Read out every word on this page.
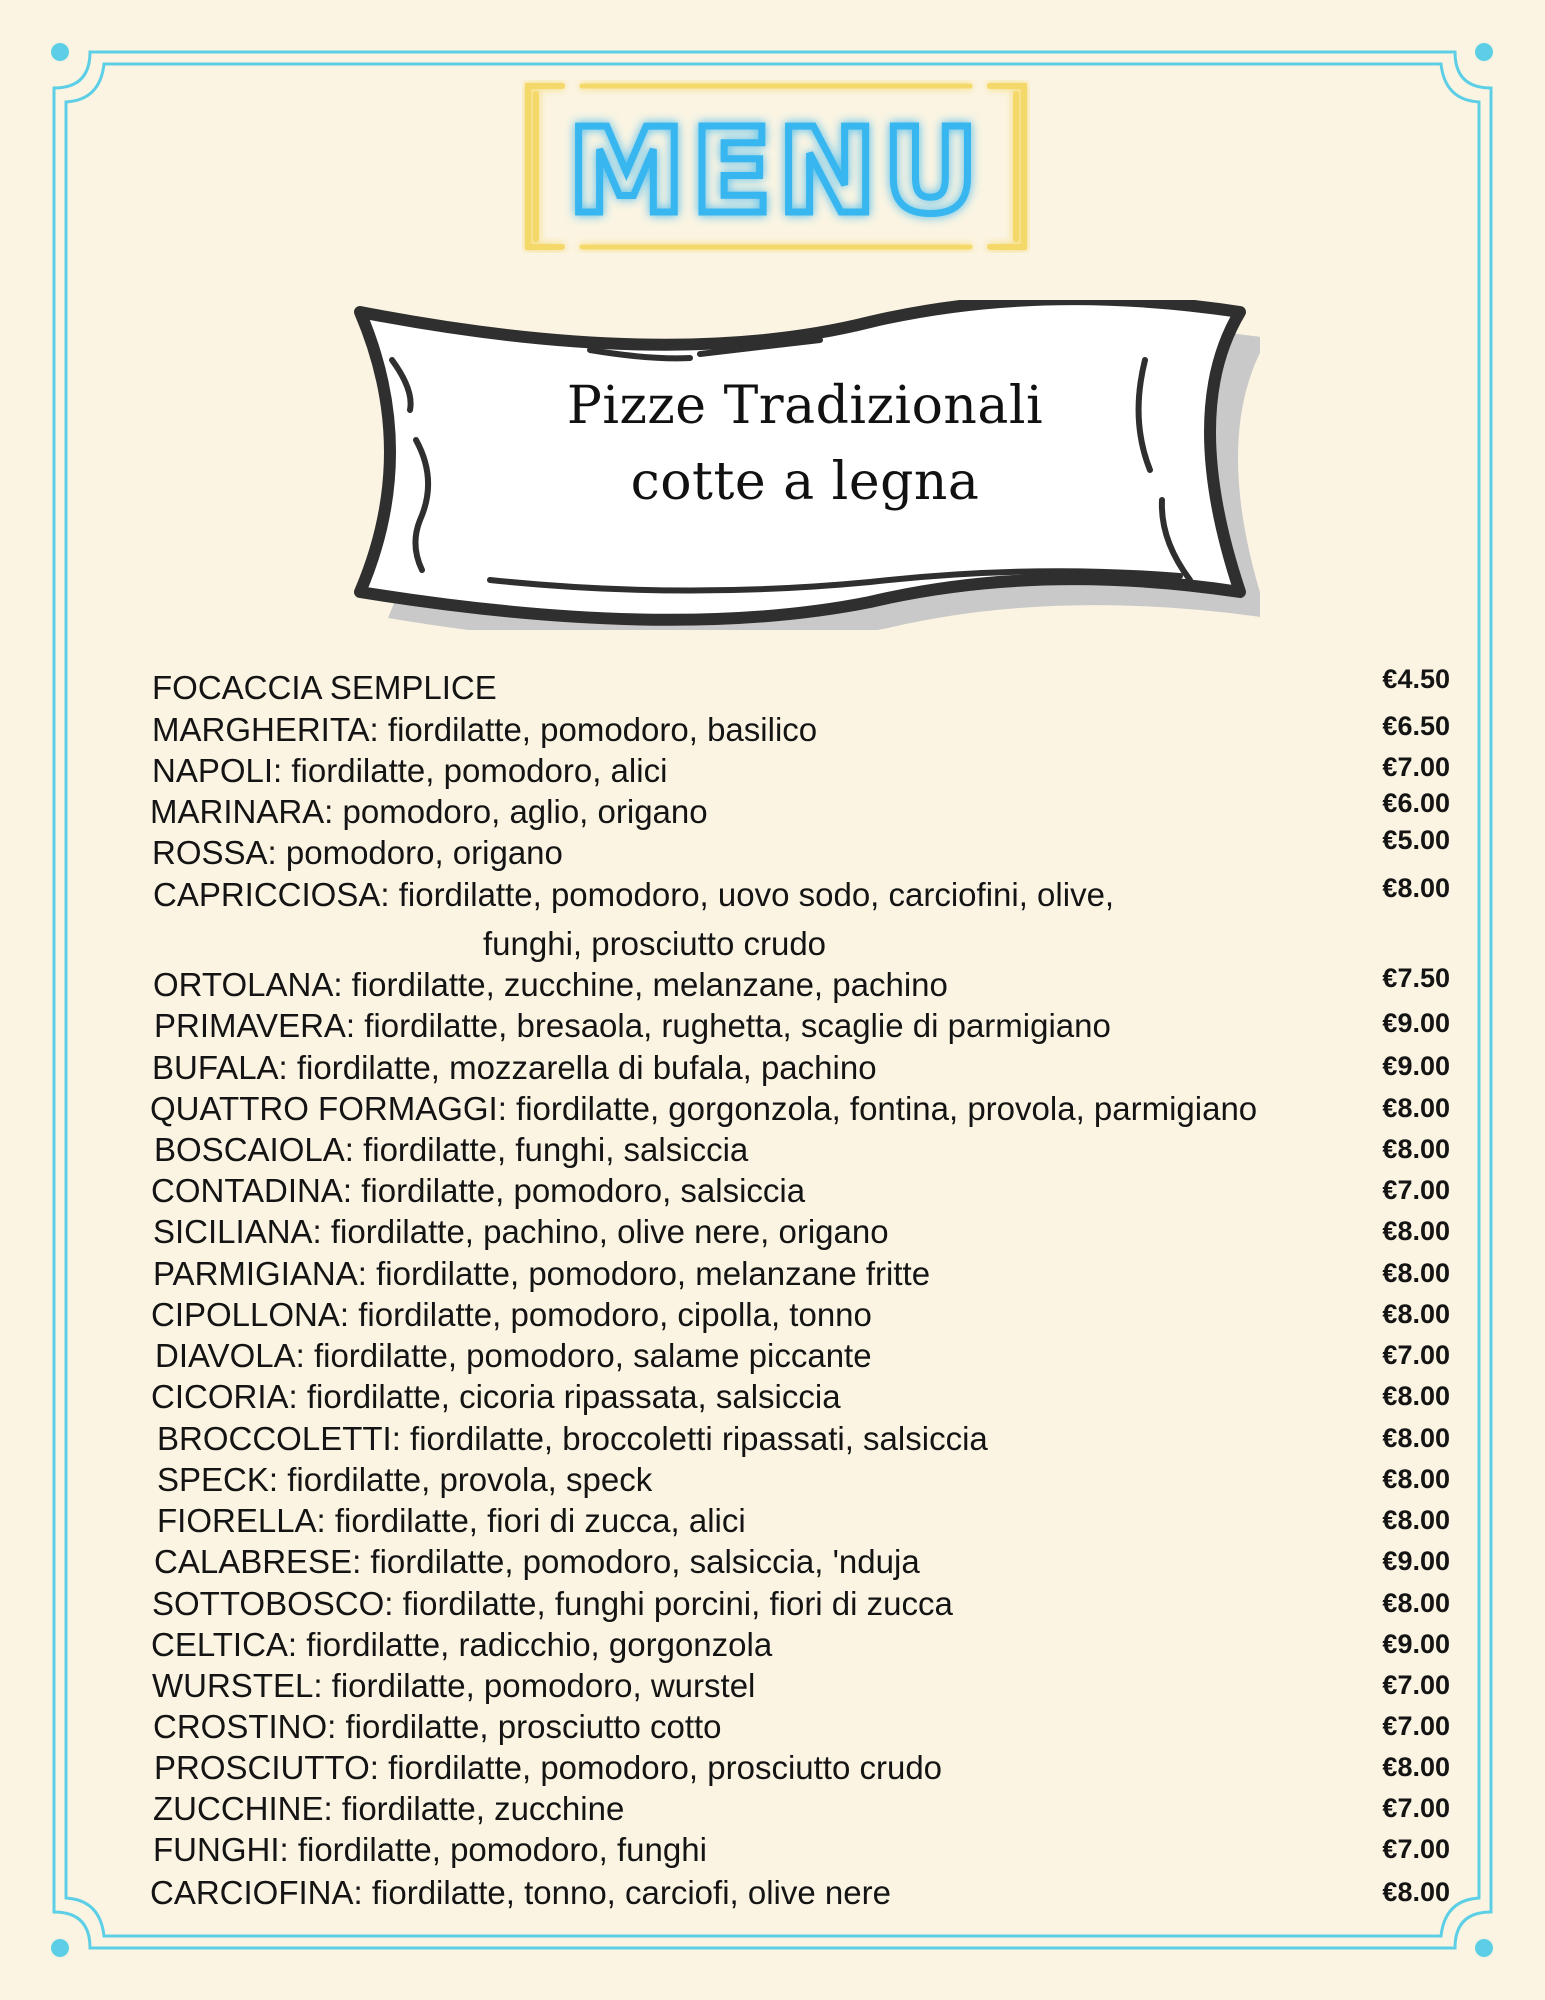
MENU
Pizze Tradizionali
cotte a legna
FOCACCIA SEMPLICE	€4.50
MARGHERITA: fiordilatte, pomodoro, basilico	€6.50
NAPOLI: fiordilatte, pomodoro, alici	€7.00
MARINARA: pomodoro, aglio, origano	€6.00
ROSSA: pomodoro, origano	€5.00
CAPRICCIOSA: fiordilatte, pomodoro, uovo sodo, carciofini, olive,
funghi, prosciutto crudo
€8.00
ORTOLANA: fiordilatte, zucchine, melanzane, pachino	€7.50
PRIMAVERA: fiordilatte, bresaola, rughetta, scaglie di parmigiano	€9.00
BUFALA: fiordilatte, mozzarella di bufala, pachino	€9.00
QUATTRO FORMAGGI: fiordilatte, gorgonzola, fontina, provola, parmigiano	€8.00
BOSCAIOLA: fiordilatte, funghi, salsiccia	€8.00
CONTADINA: fiordilatte, pomodoro, salsiccia	€7.00
SICILIANA: fiordilatte, pachino, olive nere, origano	€8.00
PARMIGIANA: fiordilatte, pomodoro, melanzane fritte	€8.00
CIPOLLONA: fiordilatte, pomodoro, cipolla, tonno	€8.00
DIAVOLA: fiordilatte, pomodoro, salame piccante	€7.00
CICORIA: fiordilatte, cicoria ripassata, salsiccia	€8.00
BROCCOLETTI: fiordilatte, broccoletti ripassati, salsiccia	€8.00
SPECK: fiordilatte, provola, speck	€8.00
FIORELLA: fiordilatte, fiori di zucca, alici	€8.00
CALABRESE: fiordilatte, pomodoro, salsiccia, 'nduja	€9.00
SOTTOBOSCO: fiordilatte, funghi porcini, fiori di zucca	€8.00
CELTICA: fiordilatte, radicchio, gorgonzola	€9.00
WURSTEL: fiordilatte, pomodoro, wurstel	€7.00
CROSTINO: fiordilatte, prosciutto cotto	€7.00
PROSCIUTTO: fiordilatte, pomodoro, prosciutto crudo	€8.00
ZUCCHINE: fiordilatte, zucchine	€7.00
FUNGHI: fiordilatte, pomodoro, funghi	€7.00
CARCIOFINA: fiordilatte, tonno, carciofi, olive nere	€8.00
